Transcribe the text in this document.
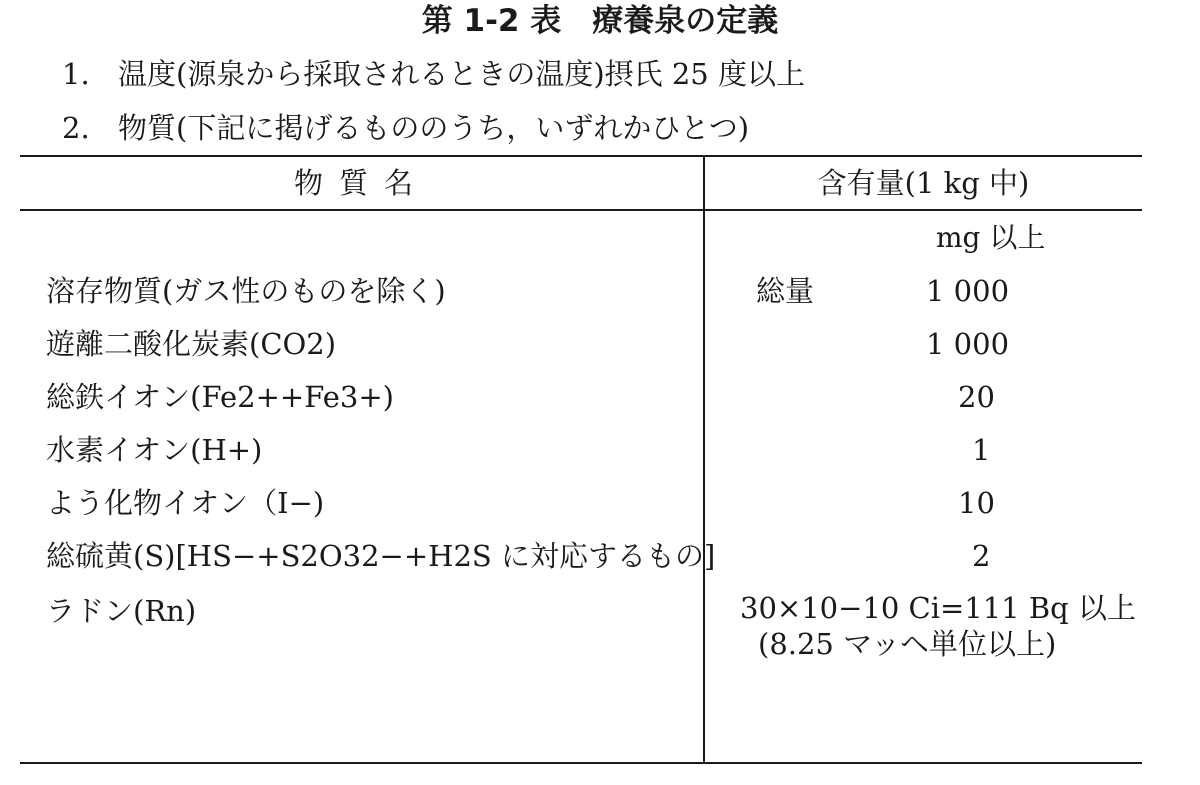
第 1-2 表　療養泉の定義
1. 温度(源泉から採取されるときの温度)摂氏 25 度以上
2. 物質(下記に掲げるもののうち，いずれかひとつ)
物質名	含有量(1 kg 中)
mg 以上
溶存物質(ガス性のものを除く)	総量	1 000
遊離二酸化炭素(CO2)	1 000
総鉄イオン(Fe2++Fe3+)	20
水素イオン(H+)	1
よう化物イオン（I−)	10
総硫黄(S)[HS−+S2O32−+H2S に対応するもの]	2
ラドン(Rn)	30×10−10 Ci=111 Bq 以上
(8.25 マッヘ単位以上)
